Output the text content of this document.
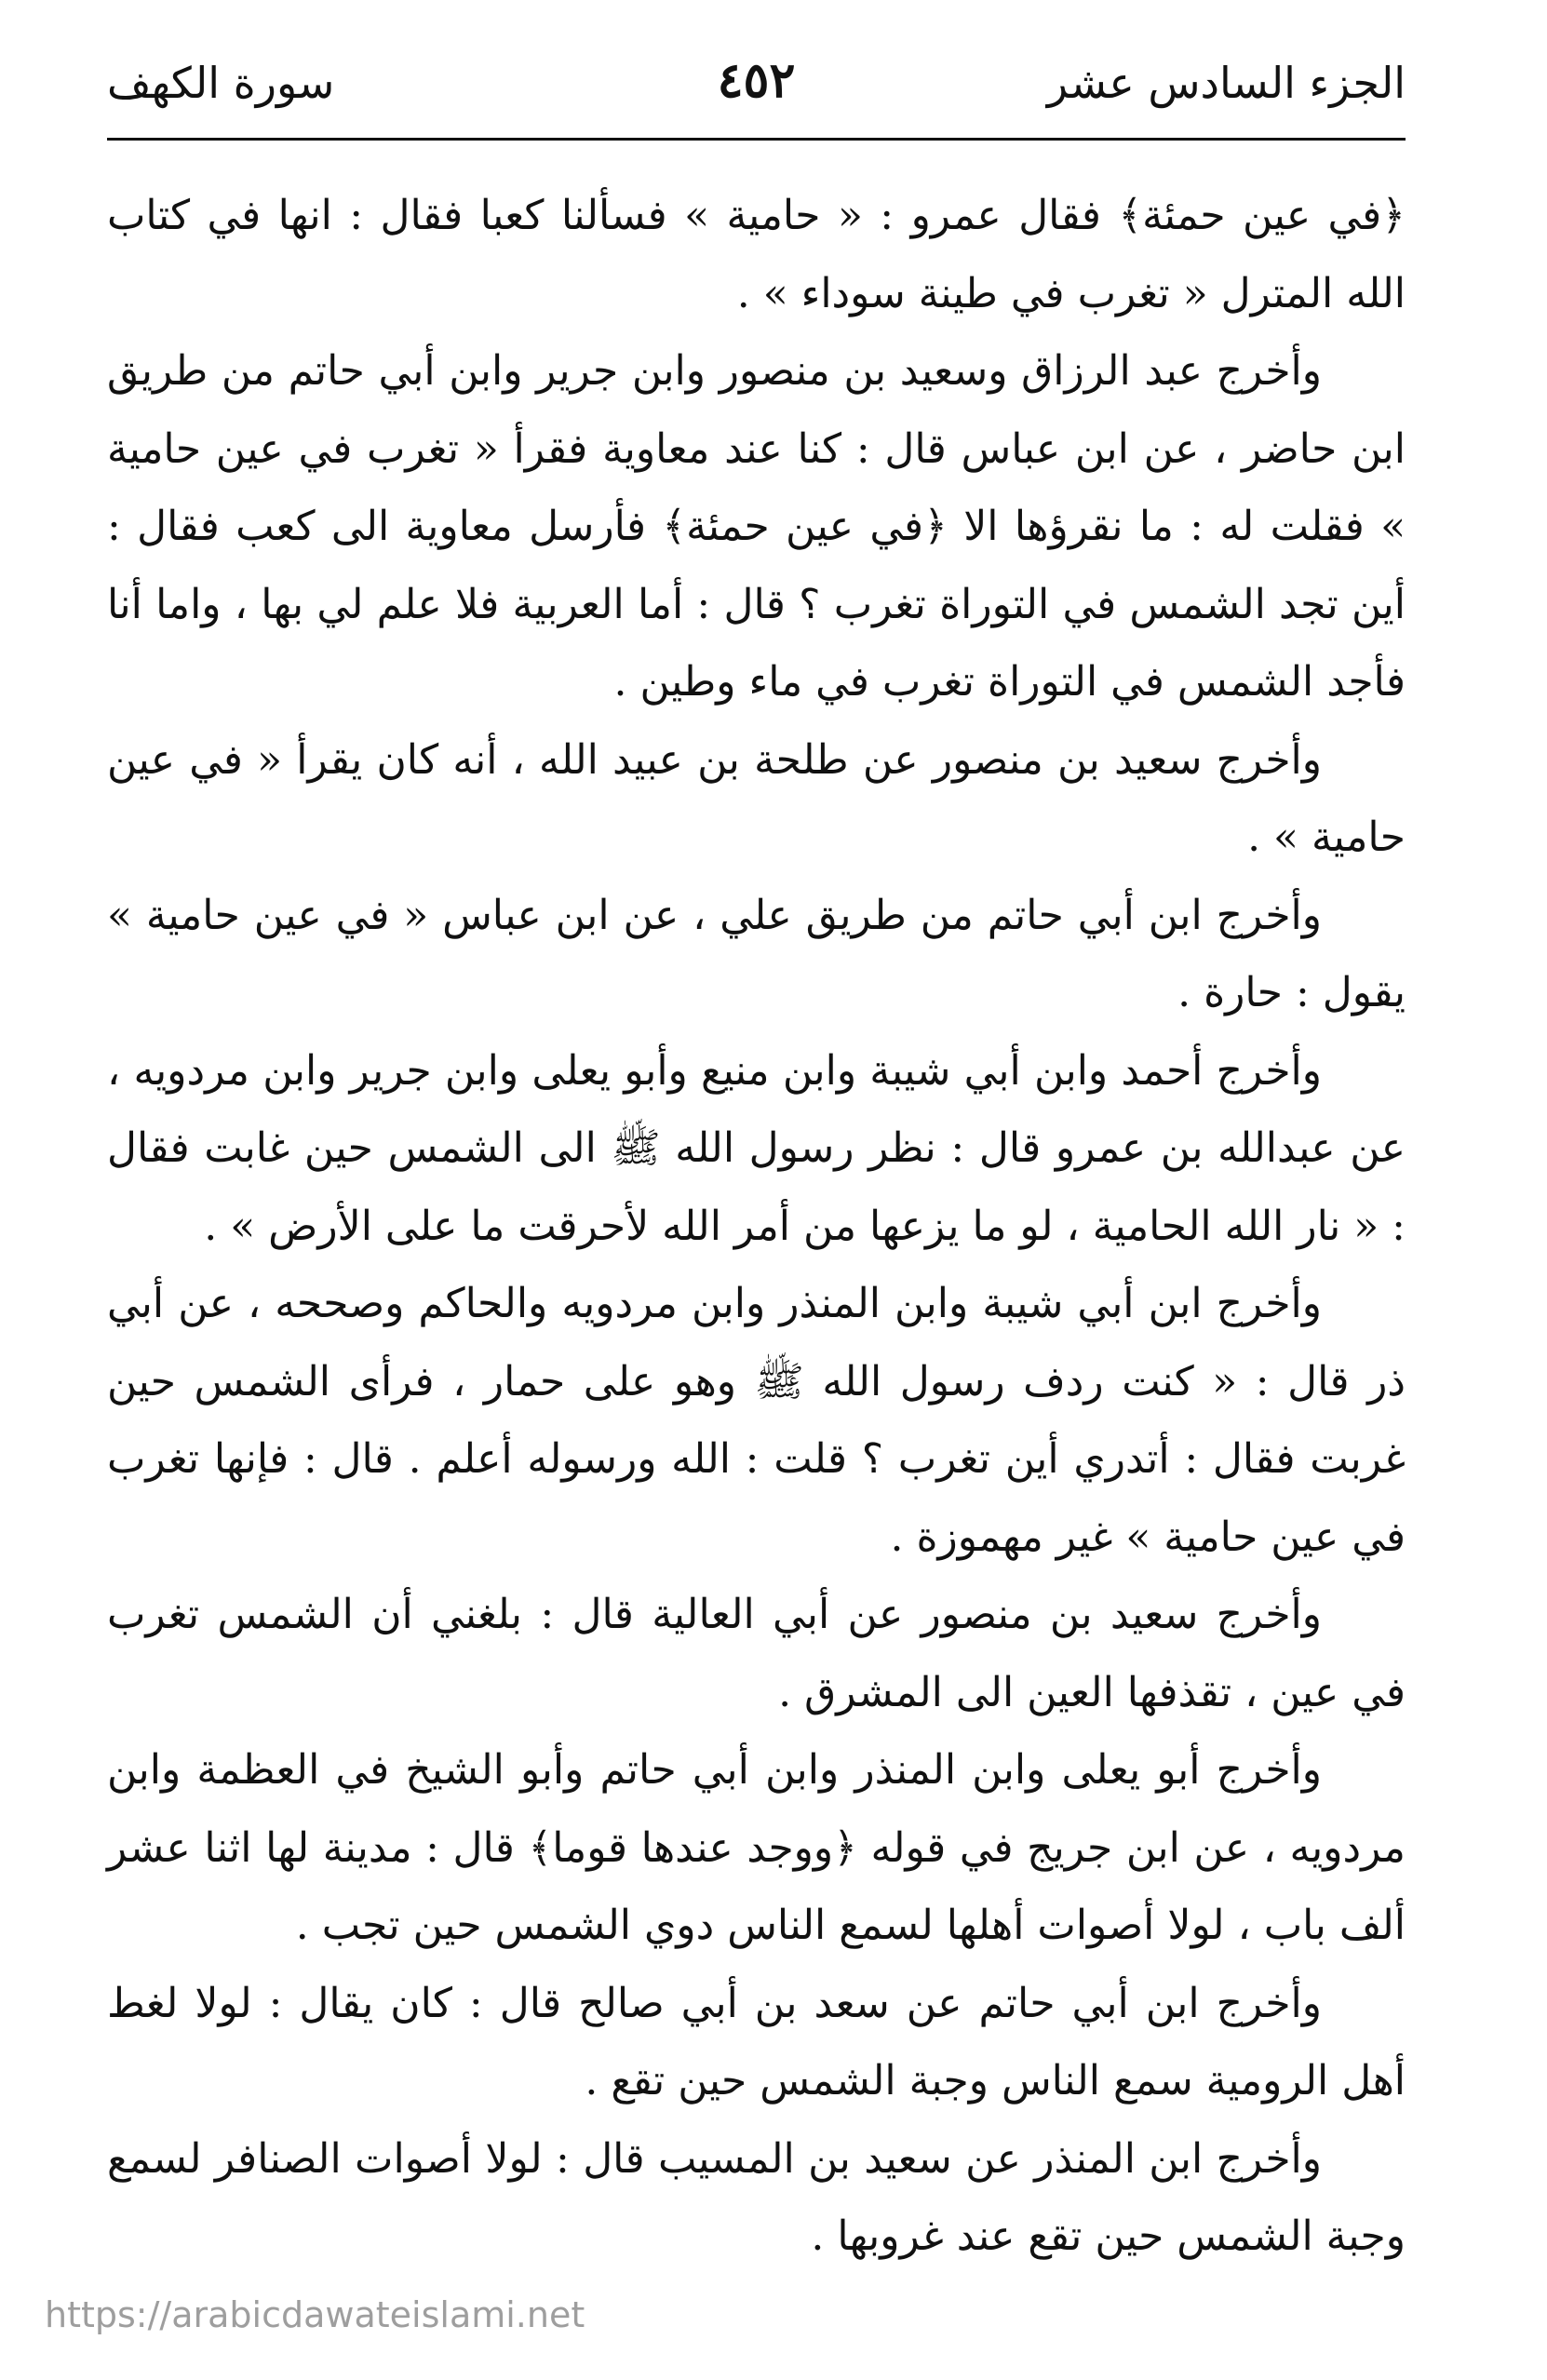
الجزء السادس عشر
٤٥٢
سورة الكهف

﴿في عين حمئة﴾ فقال عمرو : « حامية » فسألنا كعبا فقال : انها في كتاب الله المترل « تغرب في طينة سوداء » .

وأخرج عبد الرزاق وسعيد بن منصور وابن جرير وابن أبي حاتم من طريق ابن حاضر ، عن ابن عباس قال : كنا عند معاوية فقرأ « تغرب في عين حامية » فقلت له : ما نقرؤها الا ﴿في عين حمئة﴾ فأرسل معاوية الى كعب فقال : أين تجد الشمس في التوراة تغرب ؟ قال : أما العربية فلا علم لي بها ، واما أنا فأجد الشمس في التوراة تغرب في ماء وطين .

وأخرج سعيد بن منصور عن طلحة بن عبيد الله ، أنه كان يقرأ « في عين حامية » .

وأخرج ابن أبي حاتم من طريق علي ، عن ابن عباس « في عين حامية » يقول : حارة .

وأخرج أحمد وابن أبي شيبة وابن منيع وأبو يعلى وابن جرير وابن مردويه ، عن عبدالله بن عمرو قال : نظر رسول الله ﷺ الى الشمس حين غابت فقال : « نار الله الحامية ، لو ما يزعها من أمر الله لأحرقت ما على الأرض » .

وأخرج ابن أبي شيبة وابن المنذر وابن مردويه والحاكم وصححه ، عن أبي ذر قال : « كنت ردف رسول الله ﷺ وهو على حمار ، فرأى الشمس حين غربت فقال : أتدري أين تغرب ؟ قلت : الله ورسوله أعلم . قال : فإنها تغرب في عين حامية » غير مهموزة .

وأخرج سعيد بن منصور عن أبي العالية قال : بلغني أن الشمس تغرب في عين ، تقذفها العين الى المشرق .

وأخرج أبو يعلى وابن المنذر وابن أبي حاتم وأبو الشيخ في العظمة وابن مردويه ، عن ابن جريج في قوله ﴿ووجد عندها قوما﴾ قال : مدينة لها اثنا عشر ألف باب ، لولا أصوات أهلها لسمع الناس دوي الشمس حين تجب .

وأخرج ابن أبي حاتم عن سعد بن أبي صالح قال : كان يقال : لولا لغط أهل الرومية سمع الناس وجبة الشمس حين تقع .

وأخرج ابن المنذر عن سعيد بن المسيب قال : لولا أصوات الصنافر لسمع وجبة الشمس حين تقع عند غروبها .

https://arabicdawateislami.net
